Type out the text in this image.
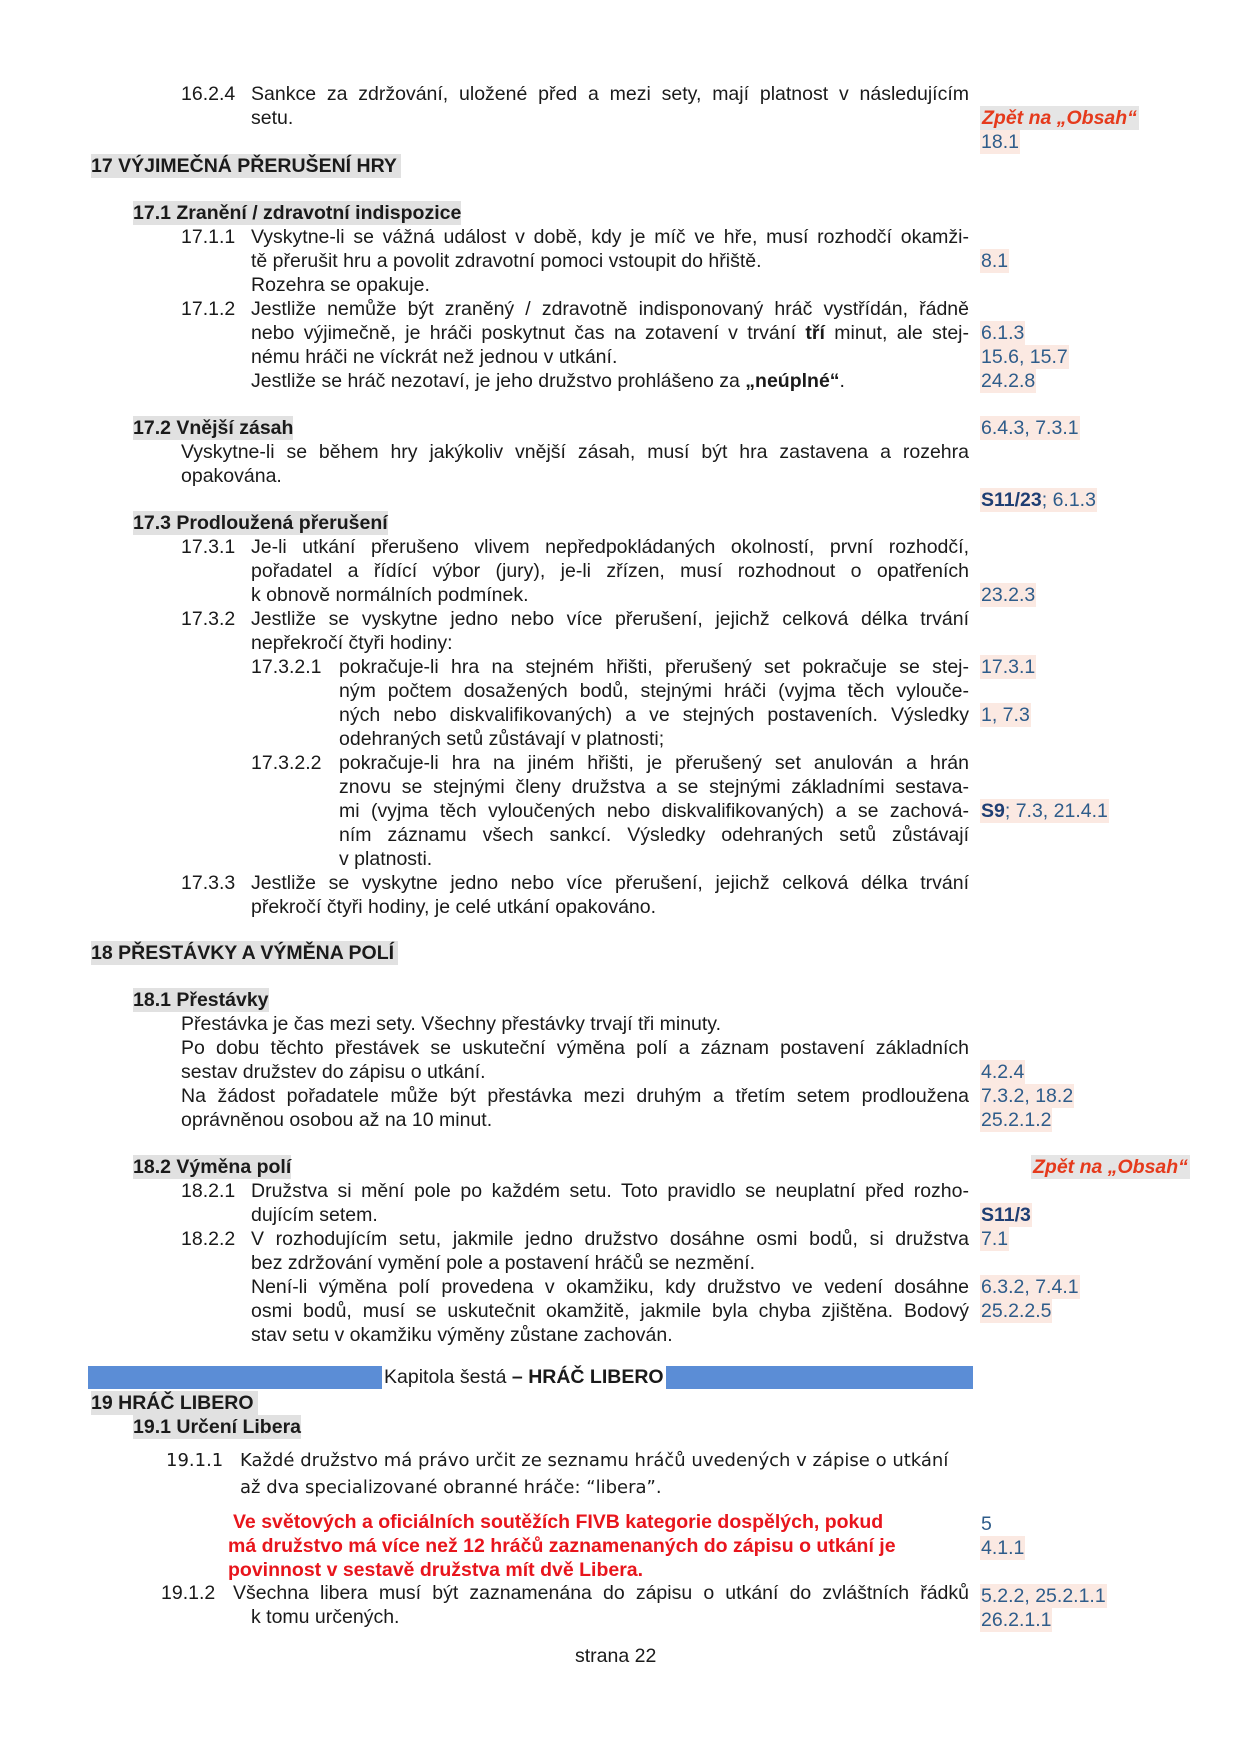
16.2.4 Sankce za zdržování, uložené před a mezi sety, mají platnost v následujícím
setu.	Zpět na „Obsah“
18.1
17 VÝJIMEČNÁ PŘERUŠENÍ HRY
17.1 Zranění / zdravotní indispozice
17.1.1 Vyskytne-li se vážná událost v době, kdy je míč ve hře, musí rozhodčí okamži-
tě přerušit hru a povolit zdravotní pomoci vstoupit do hřiště.	8.1
Rozehra se opakuje.
17.1.2 Jestliže nemůže být zraněný / zdravotně indisponovaný hráč vystřídán, řádně
nebo výjimečně, je hráči poskytnut čas na zotavení v trvání tří minut, ale stej- 6.1.3
nému hráči ne víckrát než jednou v utkání.	15.6, 15.7
Jestliže se hráč nezotaví, je jeho družstvo prohlášeno za „neúplné“.	24.2.8
17.2 Vnější zásah	6.4.3, 7.3.1
Vyskytne-li se během hry jakýkoliv vnější zásah, musí být hra zastavena a rozehra
opakována.
S11/23; 6.1.3
17.3 Prodloužená přerušení
17.3.1 Je-li utkání přerušeno vlivem nepředpokládaných okolností, první rozhodčí,
pořadatel a řídící výbor (jury), je-li zřízen, musí rozhodnout o opatřeních
k obnově normálních podmínek.	23.2.3
17.3.2 Jestliže se vyskytne jedno nebo více přerušení, jejichž celková délka trvání
nepřekročí čtyři hodiny:
17.3.2.1 pokračuje-li hra na stejném hřišti, přerušený set pokračuje se stej- 17.3.1
ným počtem dosažených bodů, stejnými hráči (vyjma těch vylouče-
ných nebo diskvalifikovaných) a ve stejných postaveních. Výsledky 1, 7.3
odehraných setů zůstávají v platnosti;
17.3.2.2 pokračuje-li hra na jiném hřišti, je přerušený set anulován a hrán
znovu se stejnými členy družstva a se stejnými základními sestava-
mi (vyjma těch vyloučených nebo diskvalifikovaných) a se zachová- S9; 7.3, 21.4.1
ním záznamu všech sankcí. Výsledky odehraných setů zůstávají
v platnosti.
17.3.3 Jestliže se vyskytne jedno nebo více přerušení, jejichž celková délka trvání
překročí čtyři hodiny, je celé utkání opakováno.
18 PŘESTÁVKY A VÝMĚNA POLÍ
18.1 Přestávky
Přestávka je čas mezi sety. Všechny přestávky trvají tři minuty.
Po dobu těchto přestávek se uskuteční výměna polí a záznam postavení základních
sestav družstev do zápisu o utkání.	4.2.4
Na žádost pořadatele může být přestávka mezi druhým a třetím setem prodloužena 7.3.2, 18.2
oprávněnou osobou až na 10 minut.	25.2.1.2
18.2 Výměna polí	Zpět na „Obsah“
18.2.1 Družstva si mění pole po každém setu. Toto pravidlo se neuplatní před rozho-
dujícím setem.	S11/3
18.2.2 V rozhodujícím setu, jakmile jedno družstvo dosáhne osmi bodů, si družstva 7.1
bez zdržování vymění pole a postavení hráčů se nezmění.
Není-li výměna polí provedena v okamžiku, kdy družstvo ve vedení dosáhne 6.3.2, 7.4.1
osmi bodů, musí se uskutečnit okamžitě, jakmile byla chyba zjištěna. Bodový 25.2.2.5
stav setu v okamžiku výměny zůstane zachován.
Kapitola šestá – HRÁČ LIBERO
19 HRÁČ LIBERO
19.1 Určení Libera
19.1.1 Každé družstvo má právo určit ze seznamu hráčů uvedených v zápise o utkání
až dva specializované obranné hráče: “libera”.
Ve světových a oficiálních soutěžích FIVB kategorie dospělých, pokud	5
má družstvo má více než 12 hráčů zaznamenaných do zápisu o utkání je	4.1.1
povinnost v sestavě družstva mít dvě Libera.
19.1.2 Všechna libera musí být zaznamenána do zápisu o utkání do zvláštních řádků 5.2.2, 25.2.1.1
k tomu určených.	26.2.1.1
strana 22
